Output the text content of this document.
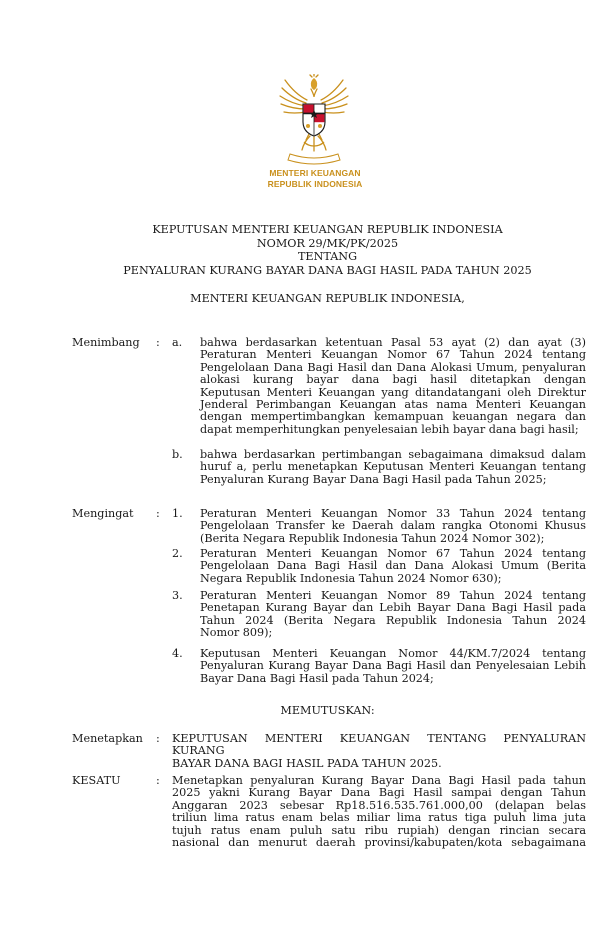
MENTERI KEUANGAN
REPUBLIK INDONESIA
KEPUTUSAN MENTERI KEUANGAN REPUBLIK INDONESIA
NOMOR 29/MK/PK/2025
TENTANG
PENYALURAN KURANG BAYAR DANA BAGI HASIL PADA TAHUN 2025
MENTERI KEUANGAN REPUBLIK INDONESIA,
Menimbang : a. bahwa berdasarkan ketentuan Pasal 53 ayat (2) dan ayat (3)
Peraturan Menteri Keuangan Nomor 67 Tahun 2024 tentang
Pengelolaan Dana Bagi Hasil dan Dana Alokasi Umum, penyaluran
alokasi kurang bayar dana bagi hasil ditetapkan dengan
Keputusan Menteri Keuangan yang ditandatangani oleh Direktur
Jenderal Perimbangan Keuangan atas nama Menteri Keuangan
dengan mempertimbangkan kemampuan keuangan negara dan
dapat memperhitungkan penyelesaian lebih bayar dana bagi hasil;
b. bahwa berdasarkan pertimbangan sebagaimana dimaksud dalam
huruf a, perlu menetapkan Keputusan Menteri Keuangan tentang
Penyaluran Kurang Bayar Dana Bagi Hasil pada Tahun 2025;
Mengingat : 1. Peraturan Menteri Keuangan Nomor 33 Tahun 2024 tentang
Pengelolaan Transfer ke Daerah dalam rangka Otonomi Khusus
(Berita Negara Republik Indonesia Tahun 2024 Nomor 302);
2. Peraturan Menteri Keuangan Nomor 67 Tahun 2024 tentang
Pengelolaan Dana Bagi Hasil dan Dana Alokasi Umum (Berita
Negara Republik Indonesia Tahun 2024 Nomor 630);
3. Peraturan Menteri Keuangan Nomor 89 Tahun 2024 tentang
Penetapan Kurang Bayar dan Lebih Bayar Dana Bagi Hasil pada
Tahun 2024 (Berita Negara Republik Indonesia Tahun 2024
Nomor 809);
4. Keputusan Menteri Keuangan Nomor 44/KM.7/2024 tentang
Penyaluran Kurang Bayar Dana Bagi Hasil dan Penyelesaian Lebih
Bayar Dana Bagi Hasil pada Tahun 2024;
MEMUTUSKAN:
Menetapkan : KEPUTUSAN MENTERI KEUANGAN TENTANG PENYALURAN KURANG
BAYAR DANA BAGI HASIL PADA TAHUN 2025.
KESATU	: Menetapkan penyaluran Kurang Bayar Dana Bagi Hasil pada tahun
2025 yakni Kurang Bayar Dana Bagi Hasil sampai dengan Tahun
Anggaran 2023 sebesar Rp18.516.535.761.000,00 (delapan belas
triliun lima ratus enam belas miliar lima ratus tiga puluh lima juta
tujuh ratus enam puluh satu ribu rupiah) dengan rincian secara
nasional dan menurut daerah provinsi/kabupaten/kota sebagaimana
